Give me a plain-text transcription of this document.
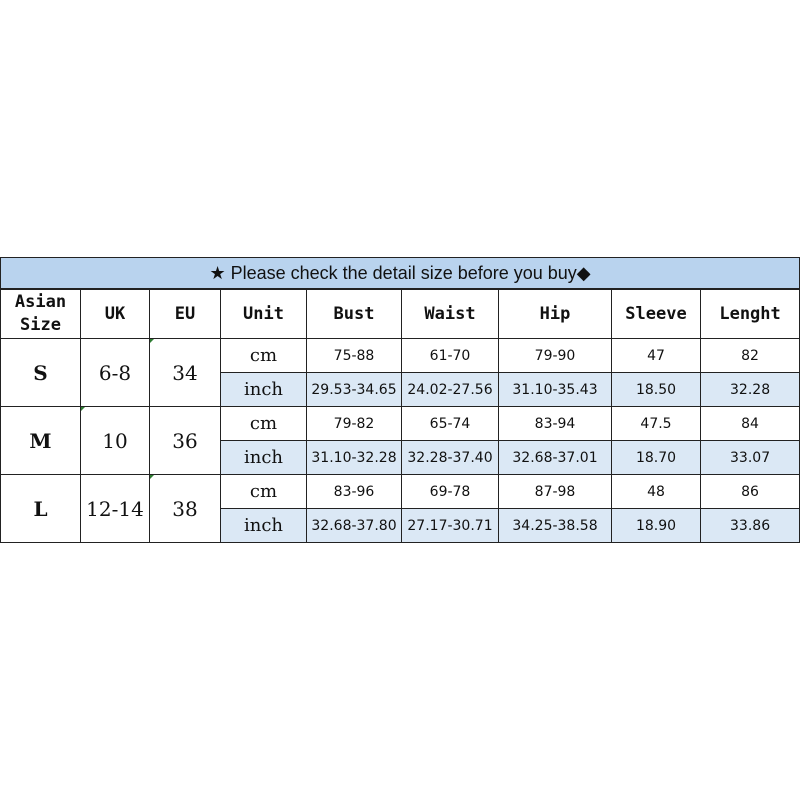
★ Please check the detail size before you buy◆								
Asian
Size	UK	EU	Unit	Bust	Waist	Hip	Sleeve	Lenght
S	6-8	34	cm	75-88	61-70	79-90	47	82
			inch	29.53-34.65	24.02-27.56	31.10-35.43	18.50	32.28
M	10	36	cm	79-82	65-74	83-94	47.5	84
			inch	31.10-32.28	32.28-37.40	32.68-37.01	18.70	33.07
L	12-14	38	cm	83-96	69-78	87-98	48	86
			inch	32.68-37.80	27.17-30.71	34.25-38.58	18.90	33.86
